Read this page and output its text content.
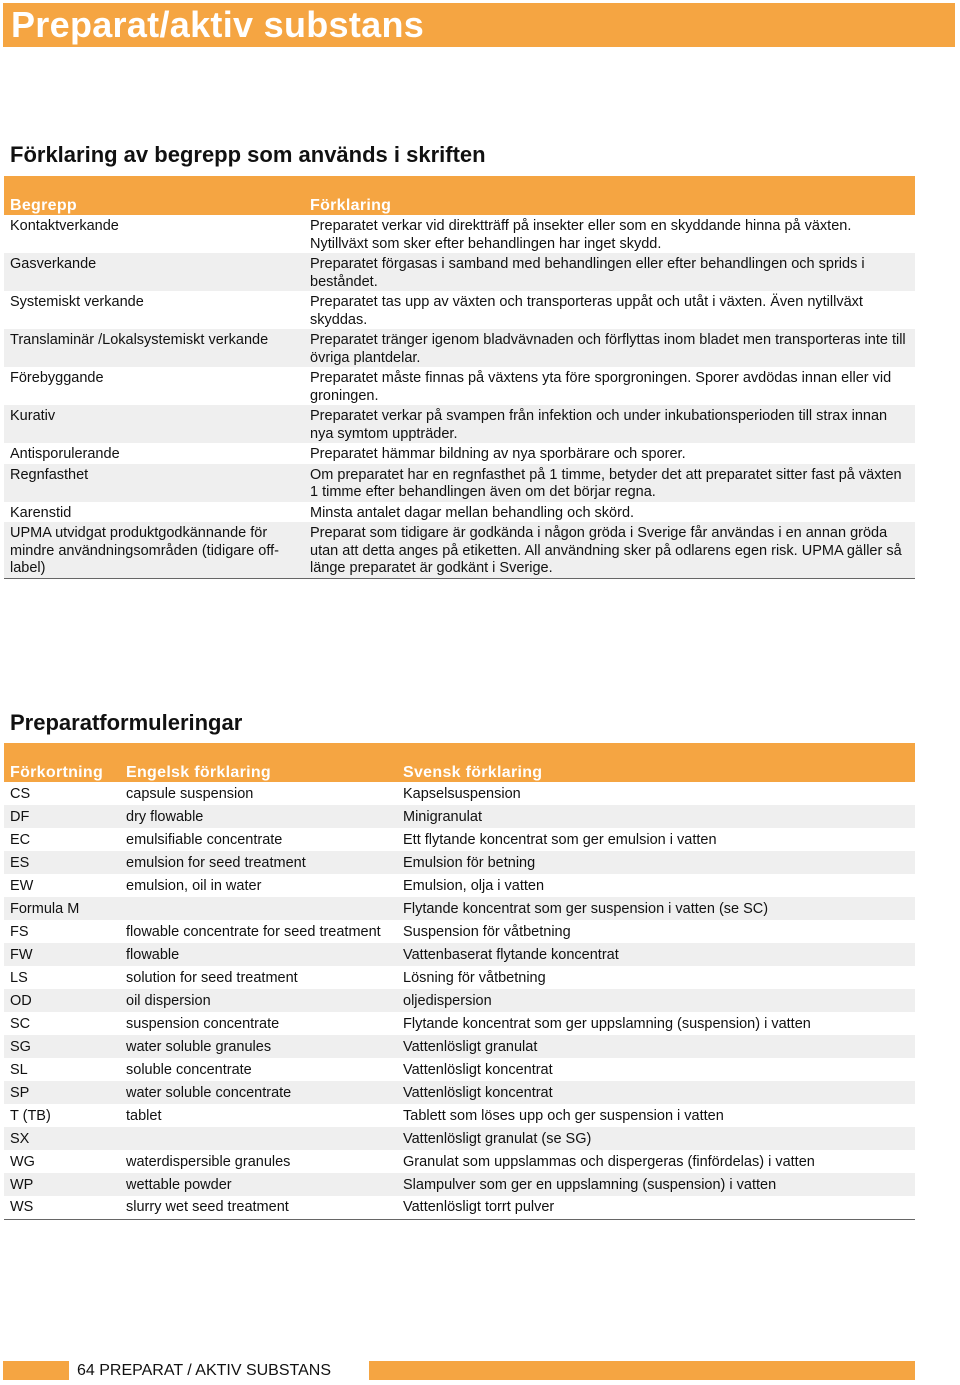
Preparat/aktiv substans
Förklaring av begrepp som används i skriften
Begrepp	Förklaring
Kontaktverkande	Preparatet verkar vid direktträff på insekter eller som en skyddande hinna på växten. Nytillväxt som sker efter behandlingen har inget skydd.
Gasverkande	Preparatet förgasas i samband med behandlingen eller efter behandlingen och sprids i beståndet.
Systemiskt verkande	Preparatet tas upp av växten och transporteras uppåt och utåt i växten. Även nytillväxt skyddas.
Translaminär /Lokalsystemiskt verkande	Preparatet tränger igenom bladvävnaden och förflyttas inom bladet men transporteras inte till övriga plantdelar.
Förebyggande	Preparatet måste finnas på växtens yta före sporgroningen. Sporer avdödas innan eller vid groningen.
Kurativ	Preparatet verkar på svampen från infektion och under inkubationsperioden till strax innan nya symtom uppträder.
Antisporulerande	Preparatet hämmar bildning av nya sporbärare och sporer.
Regnfasthet	Om preparatet har en regnfasthet på 1 timme, betyder det att preparatet sitter fast på växten 1 timme efter behandlingen även om det börjar regna.
Karenstid	Minsta antalet dagar mellan behandling och skörd.
UPMA utvidgat produktgodkännande för mindre användningsområden (tidigare off-label)	Preparat som tidigare är godkända i någon gröda i Sverige får användas i en annan gröda utan att detta anges på etiketten. All användning sker på odlarens egen risk. UPMA gäller så länge preparatet är godkänt i Sverige.
Preparatformuleringar
Förkortning	Engelsk förklaring	Svensk förklaring
CS	capsule suspension	Kapselsuspension
DF	dry flowable	Minigranulat
EC	emulsifiable concentrate	Ett flytande koncentrat som ger emulsion i vatten
ES	emulsion for seed treatment	Emulsion för betning
EW	emulsion, oil in water	Emulsion, olja i vatten
Formula M		Flytande koncentrat som ger suspension i vatten (se SC)
FS	flowable concentrate for seed treatment	Suspension för våtbetning
FW	flowable	Vattenbaserat flytande koncentrat
LS	solution for seed treatment	Lösning för våtbetning
OD	oil dispersion	oljedispersion
SC	suspension concentrate	Flytande koncentrat som ger uppslamning (suspension) i vatten
SG	water soluble granules	Vattenlösligt granulat
SL	soluble concentrate	Vattenlösligt koncentrat
SP	water soluble concentrate	Vattenlösligt koncentrat
T (TB)	tablet	Tablett som löses upp och ger suspension i vatten
SX		Vattenlösligt granulat (se SG)
WG	waterdispersible granules	Granulat som uppslammas och dispergeras (finfördelas) i vatten
WP	wettable powder	Slampulver som ger en uppslamning (suspension) i vatten
WS	slurry wet seed treatment	Vattenlösligt torrt pulver
64 PREPARAT / AKTIV SUBSTANS
